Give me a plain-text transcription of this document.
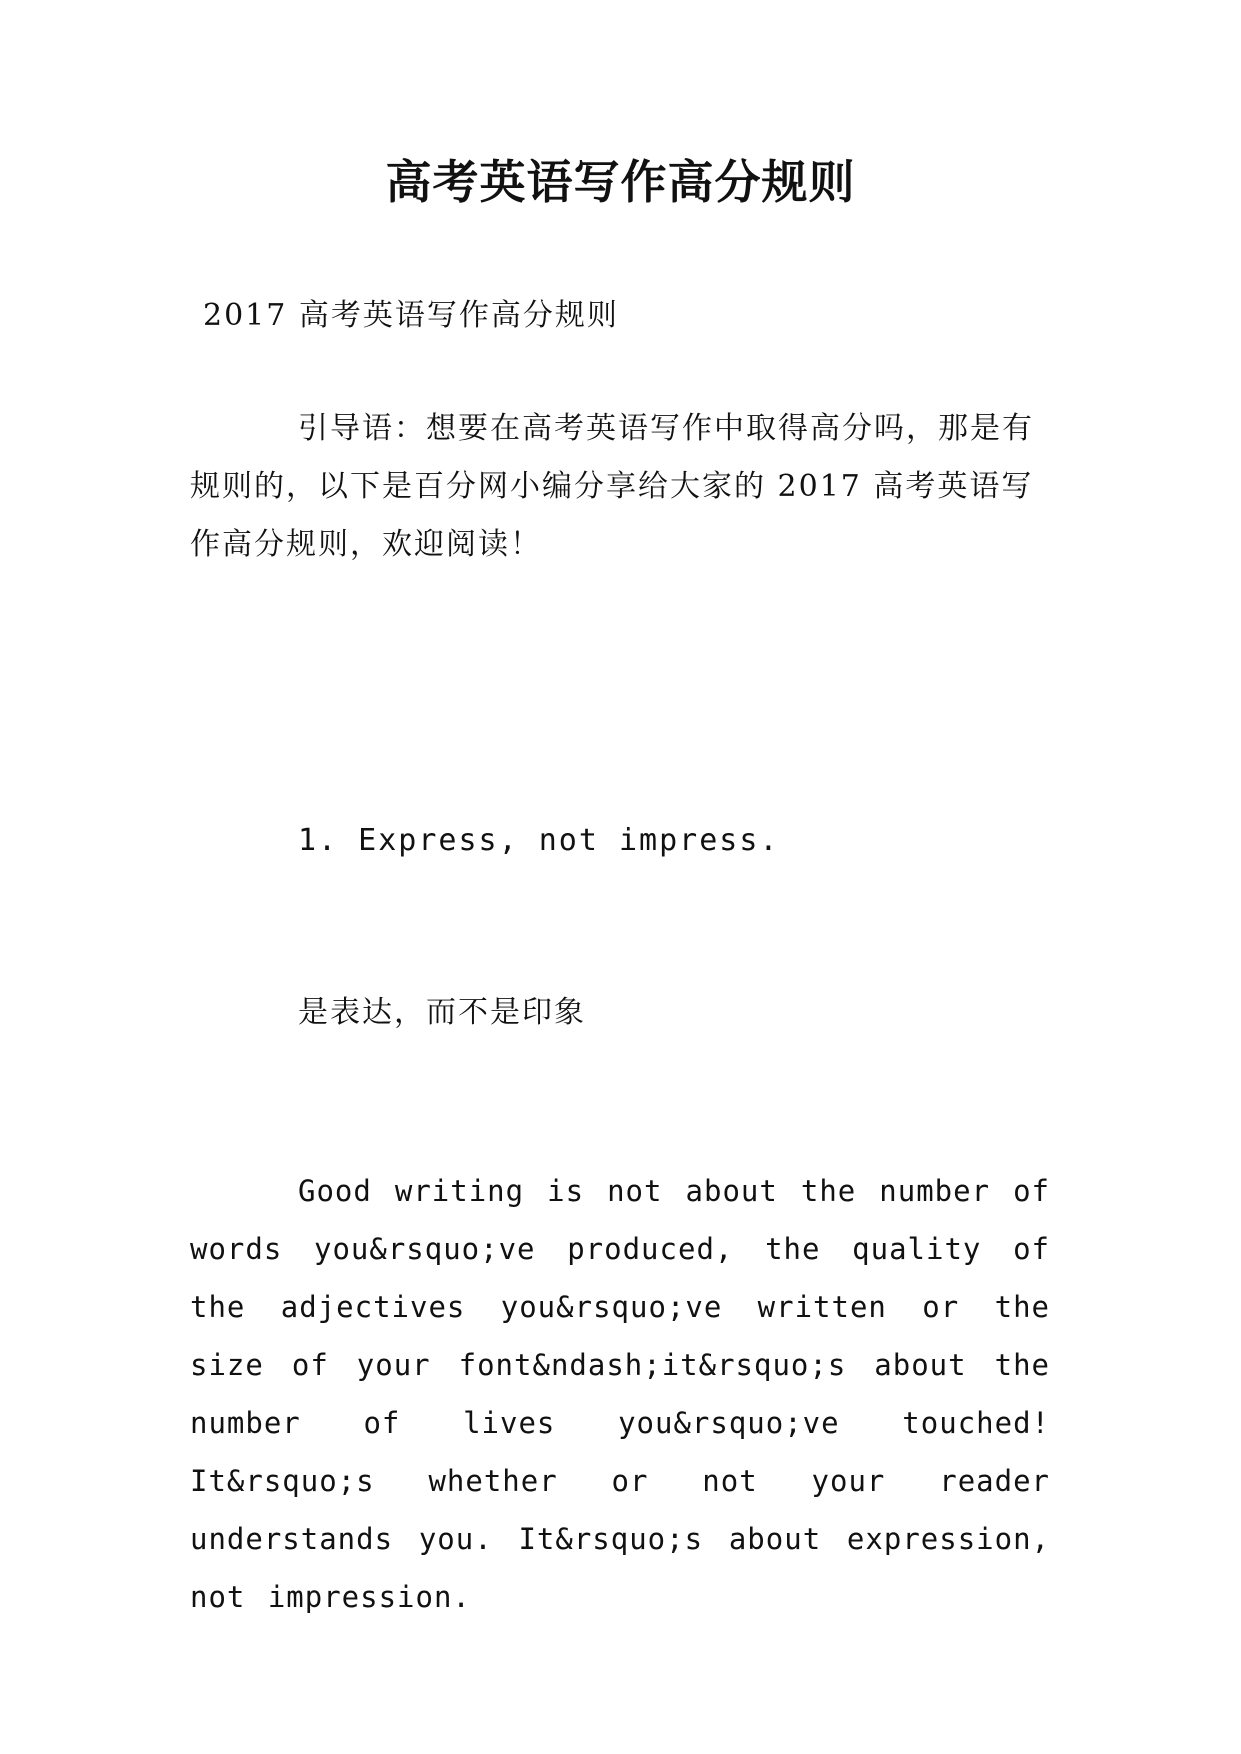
高考英语写作高分规则
2017 高考英语写作高分规则
引导语：想要在高考英语写作中取得高分吗，那是有规则的，以下是百分网小编分享给大家的 2017 高考英语写作高分规则，欢迎阅读！
1. Express, not impress.
是表达，而不是印象
Good writing is not about the number of words you&rsquo;ve produced, the quality of the adjectives you&rsquo;ve written or the size of your font&ndash;it&rsquo;s about the number of lives you&rsquo;ve touched! It&rsquo;s whether or not your reader understands you. It&rsquo;s about expression, not impression.
